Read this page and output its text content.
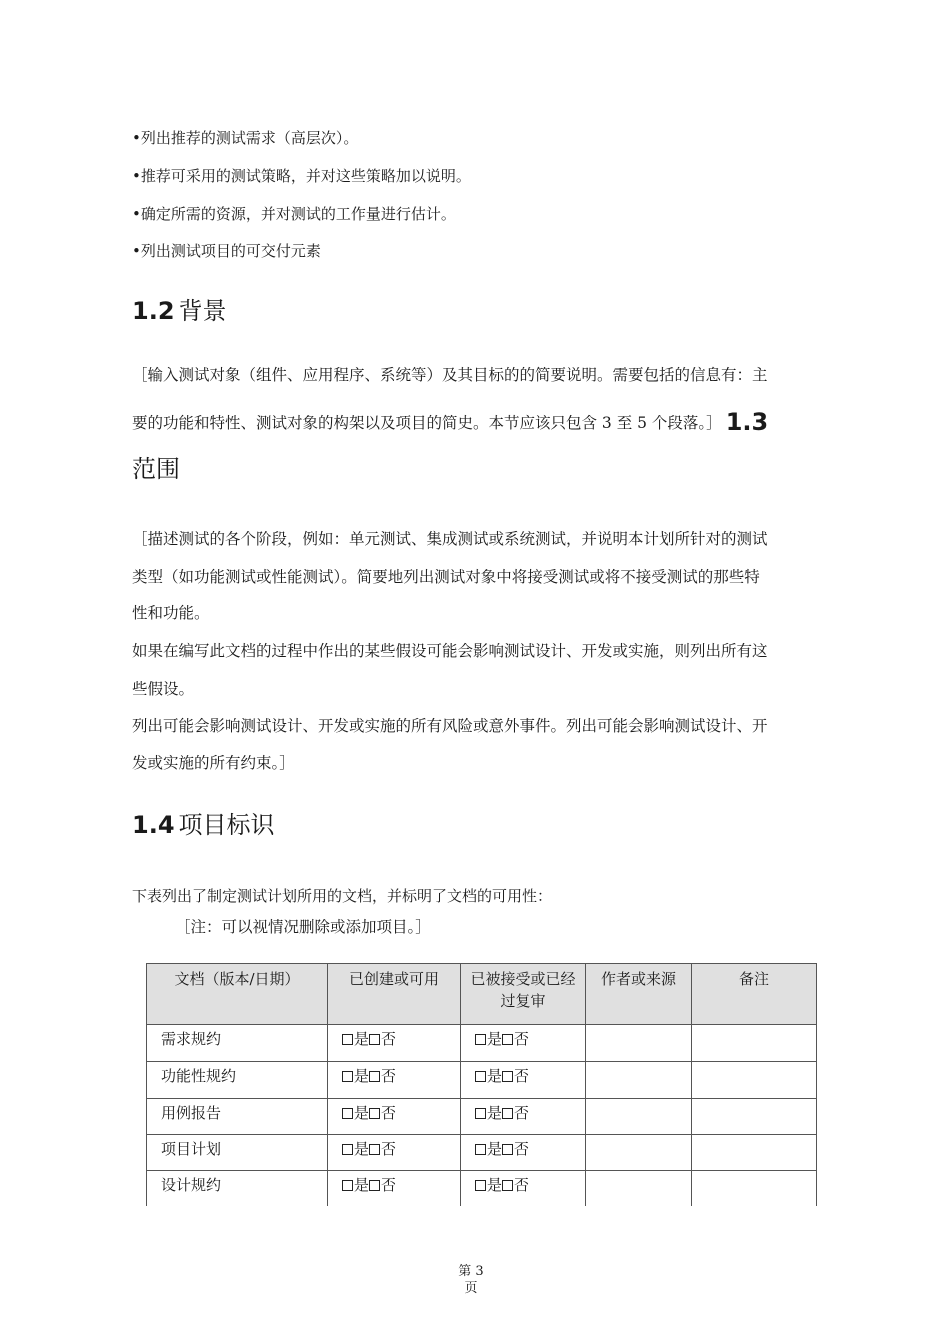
•列出推荐的测试需求（高层次）。
•推荐可采用的测试策略，并对这些策略加以说明。
•确定所需的资源，并对测试的工作量进行估计。
•列出测试项目的可交付元素
1.2 背景
［输入测试对象（组件、应用程序、系统等）及其目标的的简要说明。需要包括的信息有：主
要的功能和特性、测试对象的构架以及项目的简史。本节应该只包含 3 至 5 个段落。］ 1.3
范围
［描述测试的各个阶段，例如：单元测试、集成测试或系统测试，并说明本计划所针对的测试
类型（如功能测试或性能测试）。简要地列出测试对象中将接受测试或将不接受测试的那些特
性和功能。
如果在编写此文档的过程中作出的某些假设可能会影响测试设计、开发或实施，则列出所有这
些假设。
列出可能会影响测试设计、开发或实施的所有风险或意外事件。列出可能会影响测试设计、开
发或实施的所有约束。］
1.4 项目标识
下表列出了制定测试计划所用的文档，并标明了文档的可用性：
［注：可以视情况删除或添加项目。］
文档（版本/日期）	已创建或可用	已被接受或已经过复审	作者或来源	备注
需求规约	是 否	是 否		
功能性规约	是 否	是 否		
用例报告	是 否	是 否		
项目计划	是 否	是 否		
设计规约	是 否	是 否		
第 3
页
